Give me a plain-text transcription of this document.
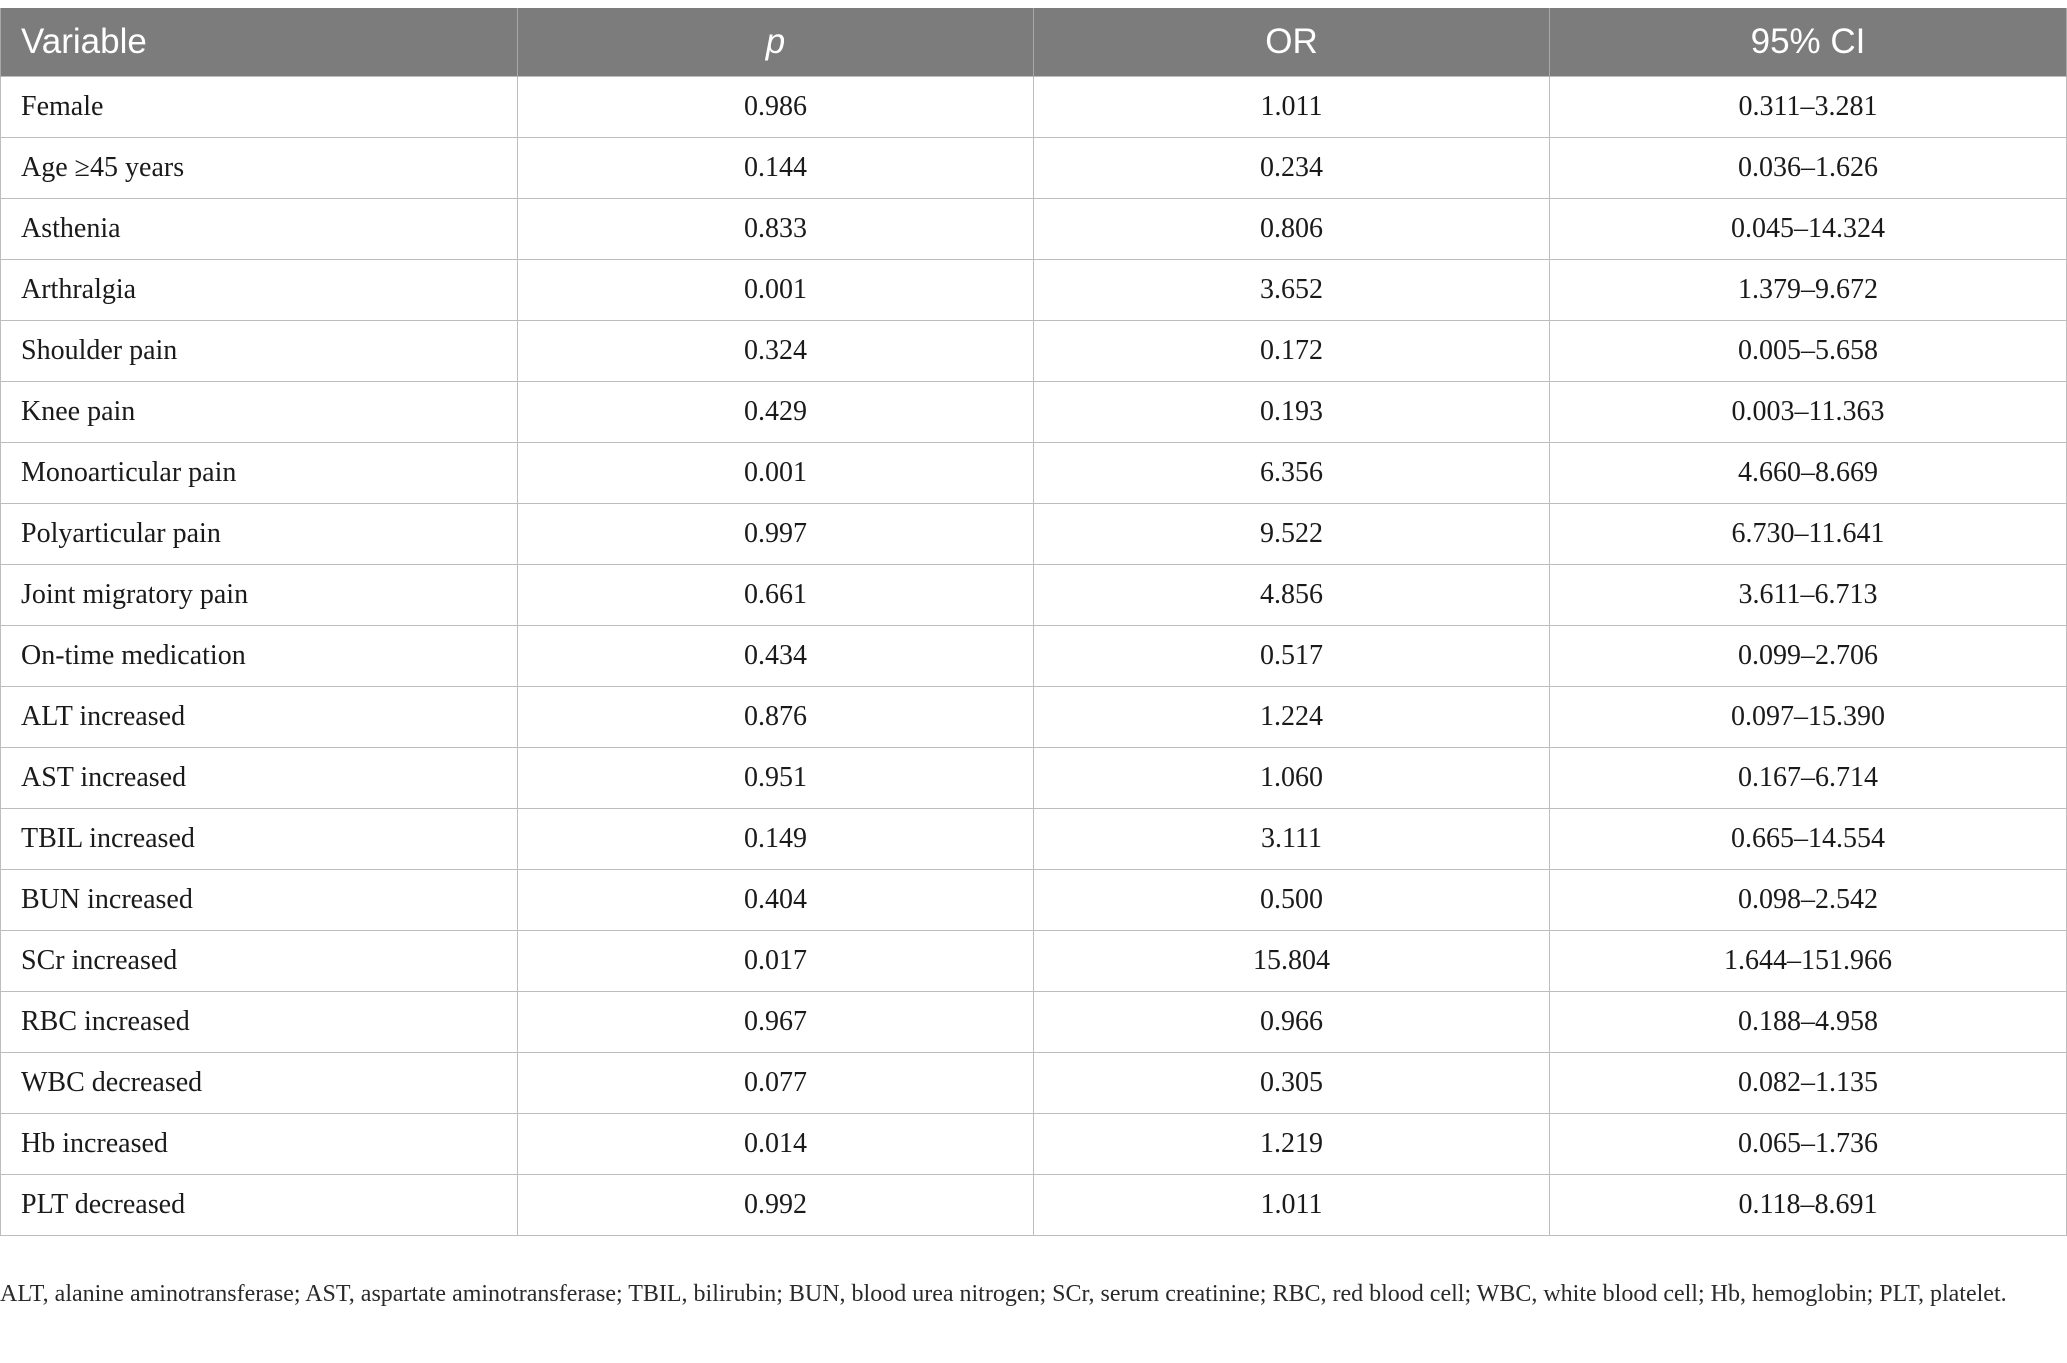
Variable	p	OR	95% CI
Female	0.986	1.011	0.311–3.281
Age ≥45 years	0.144	0.234	0.036–1.626
Asthenia	0.833	0.806	0.045–14.324
Arthralgia	0.001	3.652	1.379–9.672
Shoulder pain	0.324	0.172	0.005–5.658
Knee pain	0.429	0.193	0.003–11.363
Monoarticular pain	0.001	6.356	4.660–8.669
Polyarticular pain	0.997	9.522	6.730–11.641
Joint migratory pain	0.661	4.856	3.611–6.713
On-time medication	0.434	0.517	0.099–2.706
ALT increased	0.876	1.224	0.097–15.390
AST increased	0.951	1.060	0.167–6.714
TBIL increased	0.149	3.111	0.665–14.554
BUN increased	0.404	0.500	0.098–2.542
SCr increased	0.017	15.804	1.644–151.966
RBC increased	0.967	0.966	0.188–4.958
WBC decreased	0.077	0.305	0.082–1.135
Hb increased	0.014	1.219	0.065–1.736
PLT decreased	0.992	1.011	0.118–8.691
ALT, alanine aminotransferase; AST, aspartate aminotransferase; TBIL, bilirubin; BUN, blood urea nitrogen; SCr, serum creatinine; RBC, red blood cell; WBC, white blood cell; Hb, hemoglobin; PLT, platelet.
